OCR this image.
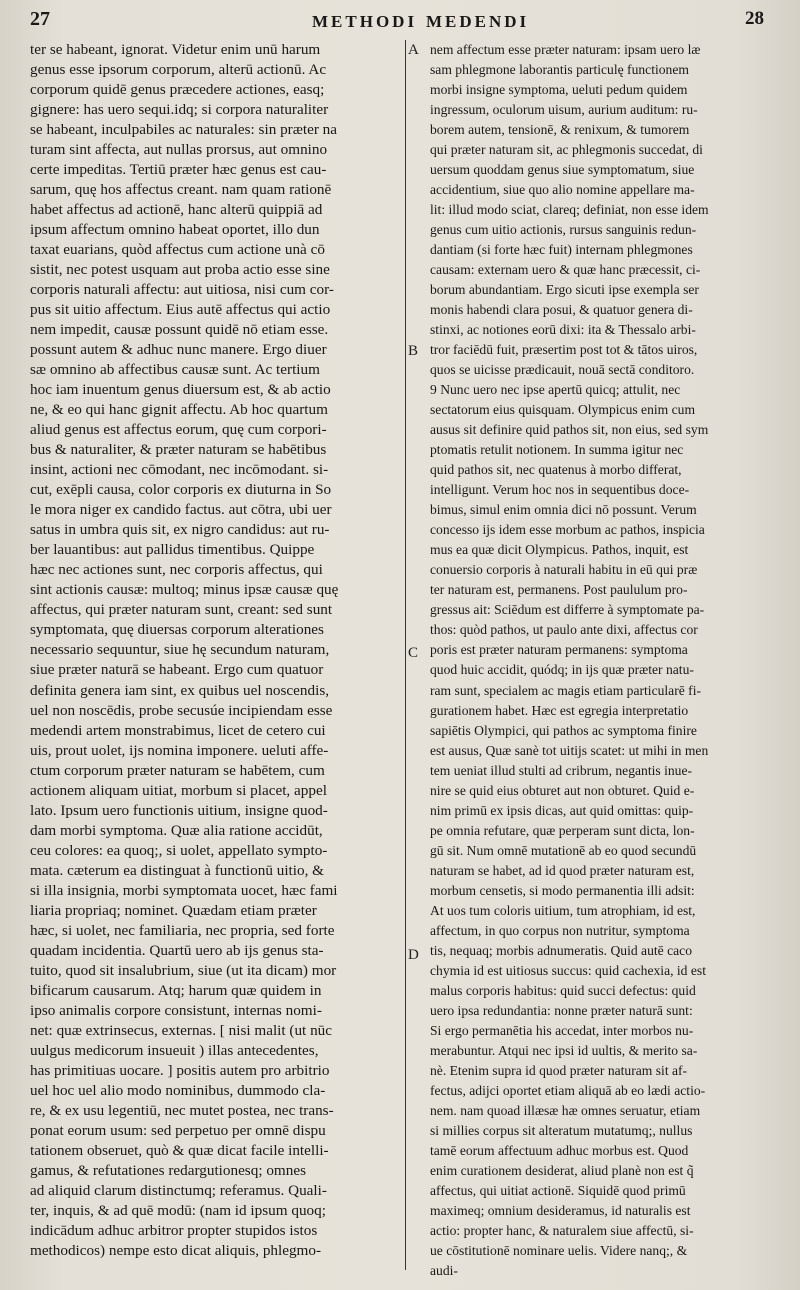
27	METHODI MEDENDI	28
ter se habeant, ignorat. Videtur enim unū harum
genus esse ipsorum corporum, alterū actionū. Ac
corporum quidē genus præcedere actiones, easq;
gignere: has uero sequi.idq; si corpora naturaliter
se habeant, inculpabiles ac naturales: sin præter na
turam sint affecta, aut nullas prorsus, aut omnino
certe impeditas. Tertiū præter hæc genus est cau-
sarum, quę hos affectus creant. nam quam rationē
habet affectus ad actionē, hanc alterū quippiā ad
ipsum affectum omnino habeat oportet, illo dun
taxat euarians, quòd affectus cum actione unà cō
sistit, nec potest usquam aut proba actio esse sine
corporis naturali affectu: aut uitiosa, nisi cum cor-
pus sit uitio affectum. Eius autē affectus qui actio
nem impedit, causæ possunt quidē nō etiam esse.
possunt autem & adhuc nunc manere. Ergo diuer
sæ omnino ab affectibus causæ sunt. Ac tertium
hoc iam inuentum genus diuersum est, & ab actio
ne, & eo qui hanc gignit affectu. Ab hoc quartum
aliud genus est affectus eorum, quę cum corpori-
bus & naturaliter, & præter naturam se habētibus
insint, actioni nec cōmodant, nec incōmodant. si-
cut, exēpli causa, color corporis ex diuturna in So
le mora niger ex candido factus. aut cōtra, ubi uer
satus in umbra quis sit, ex nigro candidus: aut ru-
ber lauantibus: aut pallidus timentibus. Quippe
hæc nec actiones sunt, nec corporis affectus, qui
sint actionis causæ: multoq; minus ipsæ causæ quę
affectus, qui præter naturam sunt, creant: sed sunt
symptomata, quę diuersas corporum alterationes
necessario sequuntur, siue hę secundum naturam,
siue præter naturā se habeant. Ergo cum quatuor
definita genera iam sint, ex quibus uel noscendis,
uel non noscēdis, probe secusúe incipiendam esse
medendi artem monstrabimus, licet de cetero cui
uis, prout uolet, ijs nomina imponere. ueluti affe-
ctum corporum præter naturam se habētem, cum
actionem aliquam uitiat, morbum si placet, appel
lato. Ipsum uero functionis uitium, insigne quod-
dam morbi symptoma. Quæ alia ratione accidūt,
ceu colores: ea quoq;, si uolet, appellato sympto-
mata. cæterum ea distinguat à functionū uitio, &
si illa insignia, morbi symptomata uocet, hæc fami
liaria propriaq; nominet. Quædam etiam præter
hæc, si uolet, nec familiaria, nec propria, sed forte
quadam incidentia. Quartū uero ab ijs genus sta-
tuito, quod sit insalubrium, siue (ut ita dicam) mor
bificarum causarum. Atq; harum quæ quidem in
ipso animalis corpore consistunt, internas nomi-
net: quæ extrinsecus, externas. [ nisi malit (ut nūc
uulgus medicorum insueuit ) illas antecedentes,
has primitiuas uocare. ] positis autem pro arbitrio
uel hoc uel alio modo nominibus, dummodo cla-
re, & ex usu legentiū, nec mutet postea, nec trans-
ponat eorum usum: sed perpetuo per omnē dispu
tationem obseruet, quò & quæ dicat facile intelli-
gamus, & refutationes redargutionesq; omnes
ad aliquid clarum distinctumq; referamus. Quali-
ter, inquis, & ad quē modū: (nam id ipsum quoq;
indicādum adhuc arbitror propter stupidos istos
methodicos) nempe esto dicat aliquis, phlegmo-
nem affectum esse præter naturam: ipsam uero læ
sam phlegmone laborantis particulę functionem
morbi insigne symptoma, ueluti pedum quidem
ingressum, oculorum uisum, aurium auditum: ru-
borem autem, tensionē, & renixum, & tumorem
qui præter naturam sit, ac phlegmonis succedat, di
uersum quoddam genus siue symptomatum, siue
accidentium, siue quo alio nomine appellare ma-
lit: illud modo sciat, clareq; definiat, non esse idem
genus cum uitio actionis, rursus sanguinis redun-
dantiam (si forte hæc fuit) internam phlegmones
causam: externam uero & quæ hanc præcessit, ci-
borum abundantiam. Ergo sicuti ipse exempla ser
monis habendi clara posui, & quatuor genera di-
stinxi, ac notiones eorū dixi: ita & Thessalo arbi-
tror faciēdū fuit, præsertim post tot & tātos uiros,
quos se uicisse prædicauit, nouā sectā conditoro.
9 Nunc uero nec ipse apertū quicq; attulit, nec
sectatorum eius quisquam. Olympicus enim cum
ausus sit definire quid pathos sit, non eius, sed sym
ptomatis retulit notionem. In summa igitur nec
quid pathos sit, nec quatenus à morbo differat,
intelligunt. Verum hoc nos in sequentibus doce-
bimus, simul enim omnia dici nō possunt. Verum
concesso ijs idem esse morbum ac pathos, inspicia
mus ea quæ dicit Olympicus. Pathos, inquit, est
conuersio corporis à naturali habitu in eū qui præ
ter naturam est, permanens. Post paululum pro-
gressus ait: Sciēdum est differre à symptomate pa-
thos: quòd pathos, ut paulo ante dixi, affectus cor
poris est præter naturam permanens: symptoma
quod huic accidit, quódq; in ijs quæ præter natu-
ram sunt, specialem ac magis etiam particularē fi-
gurationem habet. Hæc est egregia interpretatio
sapiētis Olympici, qui pathos ac symptoma finire
est ausus, Quæ sanè tot uitijs scatet: ut mihi in men
tem ueniat illud stulti ad cribrum, negantis inue-
nire se quid eius obturet aut non obturet. Quid e-
nim primū ex ipsis dicas, aut quid omittas: quip-
pe omnia refutare, quæ perperam sunt dicta, lon-
gū sit. Num omnē mutationē ab eo quod secundū
naturam se habet, ad id quod præter naturam est,
morbum censetis, si modo permanentia illi adsit:
At uos tum coloris uitium, tum atrophiam, id est,
affectum, in quo corpus non nutritur, symptoma
tis, nequaq; morbis adnumeratis. Quid autē caco
chymia id est uitiosus succus: quid cachexia, id est
malus corporis habitus: quid succi defectus: quid
uero ipsa redundantia: nonne præter naturā sunt:
Si ergo permanētia his accedat, inter morbos nu-
merabuntur. Atqui nec ipsi id uultis, & merito sa-
nè. Etenim supra id quod præter naturam sit af-
fectus, adijci oportet etiam aliquā ab eo lædi actio-
nem. nam quoad illæsæ hæ omnes seruatur, etiam
si millies corpus sit alteratum mutatumq;, nullus
tamē eorum affectuum adhuc morbus est. Quod
enim curationem desiderat, aliud planè non est q̃
affectus, qui uitiat actionē. Siquidē quod primū
maximeq; omnium desideramus, id naturalis est
actio: propter hanc, & naturalem siue affectū, si-
ue cōstitutionē nominare uelis. Videre nanq;, &
audi-
A
B
C
D
